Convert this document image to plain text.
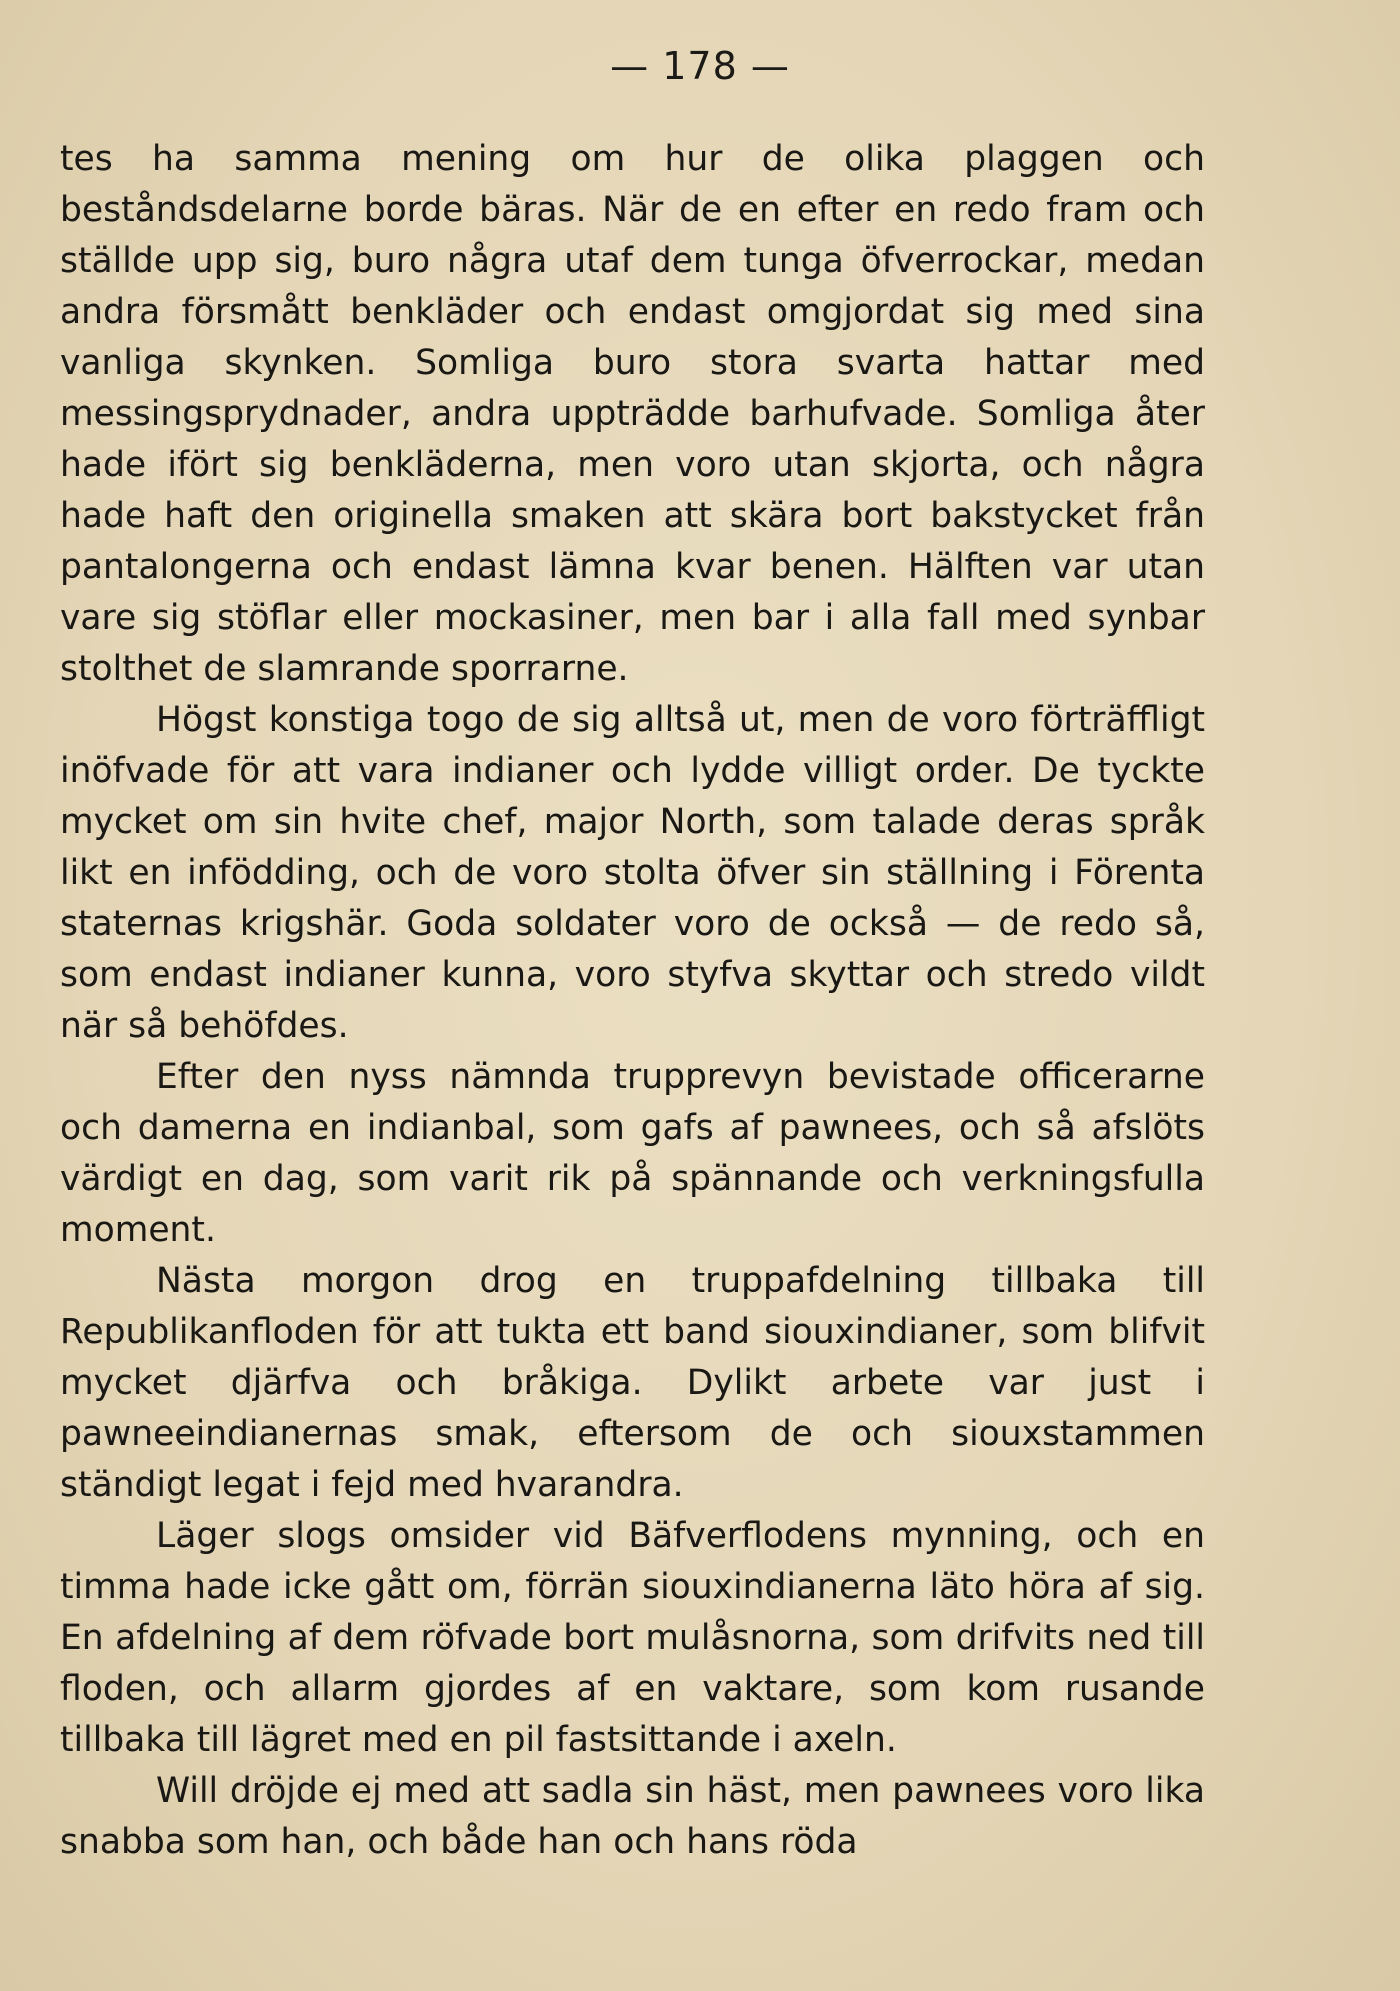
— 178 —

tes ha samma mening om hur de olika plaggen och beståndsdelarne borde bäras. När de en efter en redo fram och ställde upp sig, buro några utaf dem tunga öfverrockar, medan andra försmått benkläder och endast omgjordat sig med sina vanliga skynken. Somliga buro stora svarta hattar med messingsprydnader, andra uppträdde barhufvade. Somliga åter hade ifört sig benkläderna, men voro utan skjorta, och några hade haft den originella smaken att skära bort bakstycket från pantalongerna och endast lämna kvar benen. Hälften var utan vare sig stöflar eller mockasiner, men bar i alla fall med synbar stolthet de slamrande sporrarne.

Högst konstiga togo de sig alltså ut, men de voro förträffligt inöfvade för att vara indianer och lydde villigt order. De tyckte mycket om sin hvite chef, major North, som talade deras språk likt en infödding, och de voro stolta öfver sin ställning i Förenta staternas krigshär. Goda soldater voro de också — de redo så, som endast indianer kunna, voro styfva skyttar och stredo vildt när så behöfdes.

Efter den nyss nämnda trupprevyn bevistade officerarne och damerna en indianbal, som gafs af pawnees, och så afslöts värdigt en dag, som varit rik på spännande och verkningsfulla moment.

Nästa morgon drog en truppafdelning tillbaka till Republikanfloden för att tukta ett band siouxindianer, som blifvit mycket djärfva och bråkiga. Dylikt arbete var just i pawneeindianernas smak, eftersom de och siouxstammen ständigt legat i fejd med hvarandra.

Läger slogs omsider vid Bäfverflodens mynning, och en timma hade icke gått om, förrän siouxindianerna läto höra af sig. En afdelning af dem röfvade bort mulåsnorna, som drifvits ned till floden, och allarm gjordes af en vaktare, som kom rusande tillbaka till lägret med en pil fastsittande i axeln.

Will dröjde ej med att sadla sin häst, men pawnees voro lika snabba som han, och både han och hans röda
